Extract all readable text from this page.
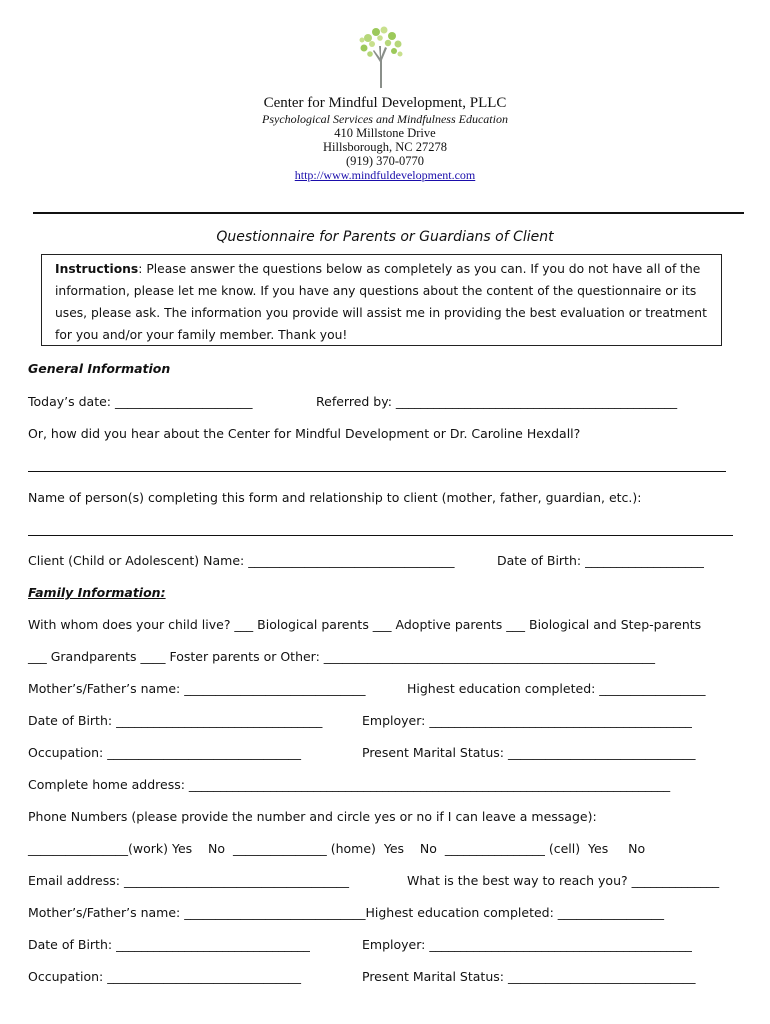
Center for Mindful Development, PLLC
Psychological Services and Mindfulness Education
410 Millstone Drive
Hillsborough, NC 27278
(919) 370-0770
http://www.mindfuldevelopment.com
Questionnaire for Parents or Guardians of Client
Instructions: Please answer the questions below as completely as you can. If you do not have all of the information, please let me know. If you have any questions about the content of the questionnaire or its uses, please ask. The information you provide will assist me in providing the best evaluation or treatment for you and/or your family member. Thank you!
General Information
Today’s date: ______________________	Referred by: _____________________________________________
Or, how did you hear about the Center for Mindful Development or Dr. Caroline Hexdall?
Name of person(s) completing this form and relationship to client (mother, father, guardian, etc.):
Client (Child or Adolescent) Name: _________________________________	Date of Birth: ___________________
Family Information:
With whom does your child live? ___ Biological parents ___ Adoptive parents ___ Biological and Step-parents
___ Grandparents ____ Foster parents or Other: _____________________________________________________
Mother’s/Father’s name: _____________________________	Highest education completed: _________________
Date of Birth: _________________________________	Employer: __________________________________________
Occupation: _______________________________	Present Marital Status: ______________________________
Complete home address: _____________________________________________________________________________
Phone Numbers (please provide the number and circle yes or no if I can leave a message):
________________(work) Yes    No  _______________ (home)  Yes    No  ________________ (cell)  Yes     No
Email address: ____________________________________	What is the best way to reach you? ______________
Mother’s/Father’s name: _____________________________Highest education completed: _________________
Date of Birth: _______________________________	Employer: __________________________________________
Occupation: _______________________________	Present Marital Status: ______________________________
